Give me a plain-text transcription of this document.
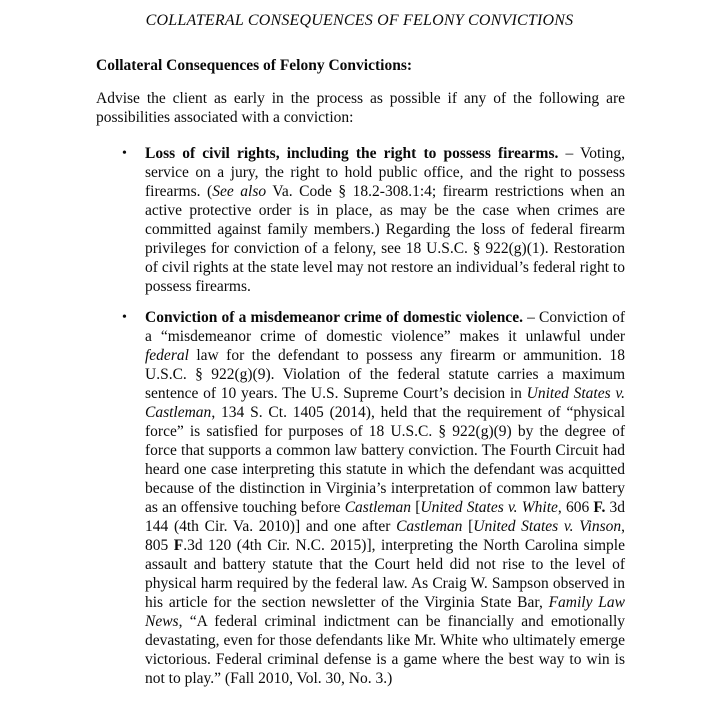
COLLATERAL CONSEQUENCES OF FELONY CONVICTIONS

Collateral Consequences of Felony Convictions:

Advise the client as early in the process as possible if any of the following are possibilities associated with a conviction:

• Loss of civil rights, including the right to possess firearms. – Voting, service on a jury, the right to hold public office, and the right to possess firearms. (See also Va. Code § 18.2-308.1:4; firearm restrictions when an active protective order is in place, as may be the case when crimes are committed against family members.) Regarding the loss of federal firearm privileges for conviction of a felony, see 18 U.S.C. § 922(g)(1). Restoration of civil rights at the state level may not restore an individual’s federal right to possess firearms.
• Conviction of a misdemeanor crime of domestic violence. – Conviction of a “misdemeanor crime of domestic violence” makes it unlawful under federal law for the defendant to possess any firearm or ammunition. 18 U.S.C. § 922(g)(9). Violation of the federal statute carries a maximum sentence of 10 years. The U.S. Supreme Court’s decision in United States v. Castleman, 134 S. Ct. 1405 (2014), held that the requirement of “physical force” is satisfied for purposes of 18 U.S.C. § 922(g)(9) by the degree of force that supports a common law battery conviction. The Fourth Circuit had heard one case interpreting this statute in which the defendant was acquitted because of the distinction in Virginia’s interpretation of common law battery as an offensive touching before Castleman [United States v. White, 606 F. 3d 144 (4th Cir. Va. 2010)] and one after Castleman [United States v. Vinson, 805 F.3d 120 (4th Cir. N.C. 2015)], interpreting the North Carolina simple assault and battery statute that the Court held did not rise to the level of physical harm required by the federal law. As Craig W. Sampson observed in his article for the section newsletter of the Virginia State Bar, Family Law News, “A federal criminal indictment can be financially and emotionally devastating, even for those defendants like Mr. White who ultimately emerge victorious. Federal criminal defense is a game where the best way to win is not to play.” (Fall 2010, Vol. 30, No. 3.)
